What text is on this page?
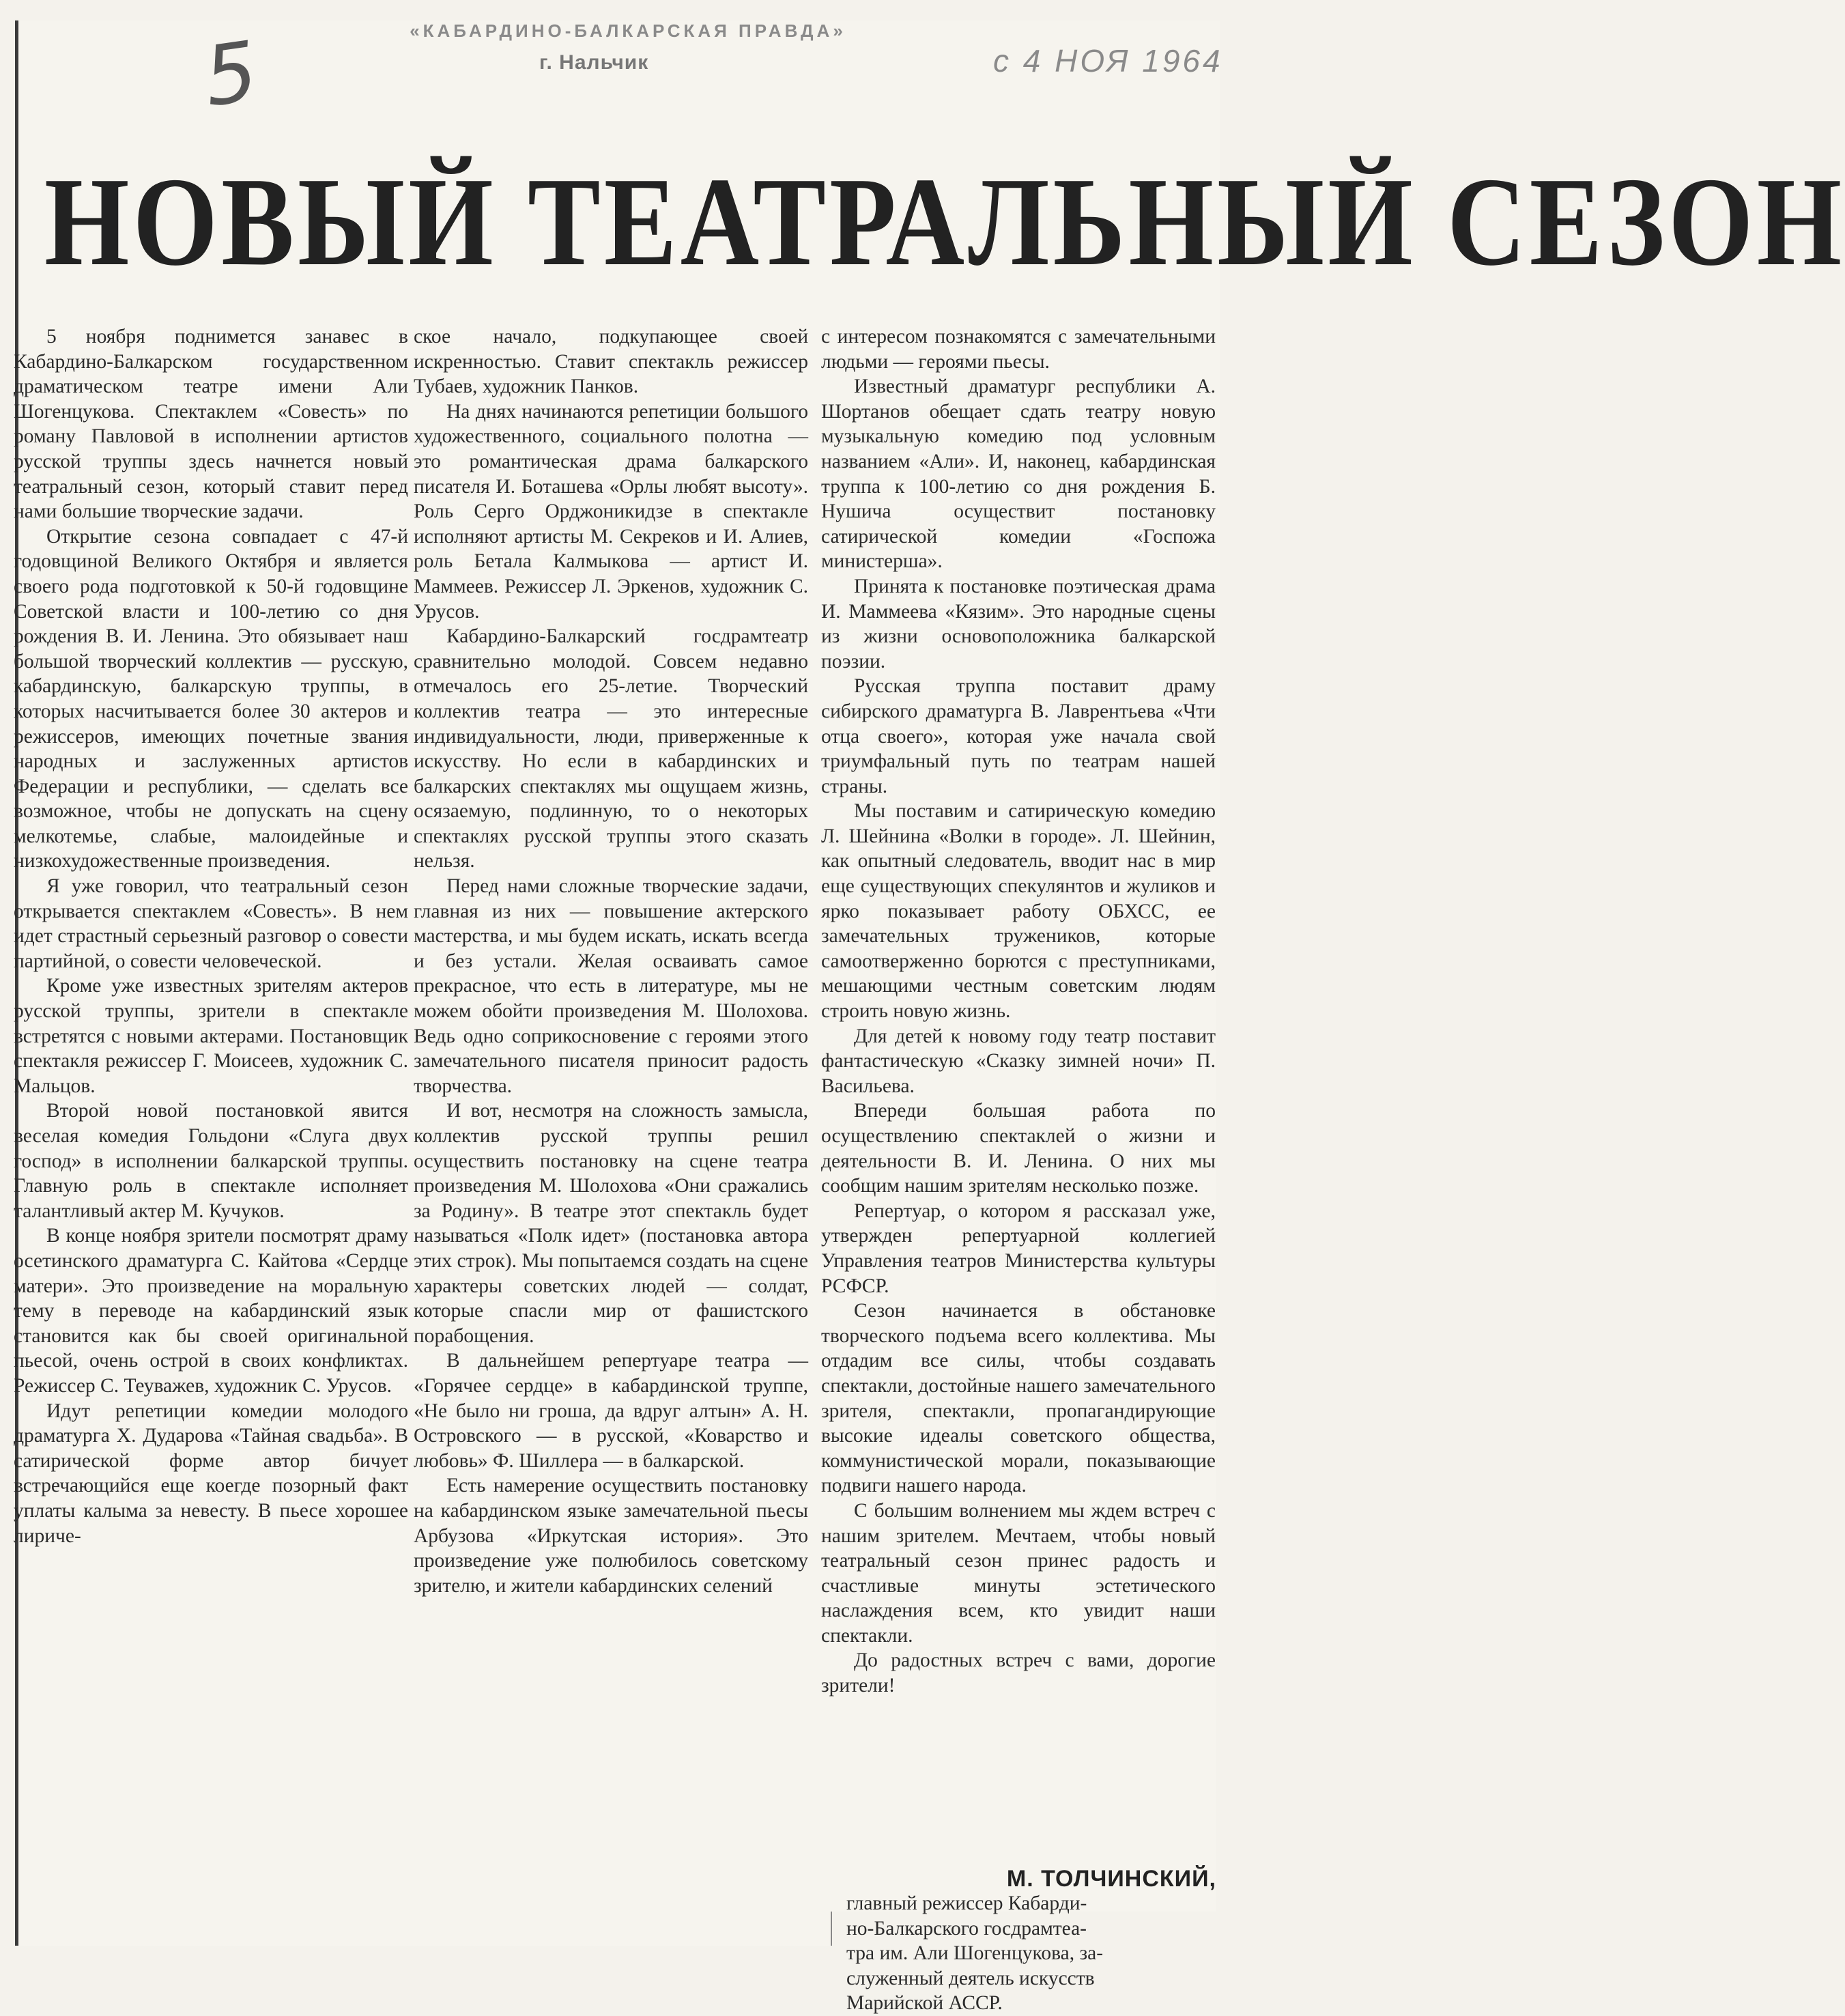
«КАБАРДИНО-БАЛКАРСКАЯ ПРАВДА»
г. Нальчик
5	с 4 НОЯ 1964
НОВЫЙ ТЕАТРАЛЬНЫЙ СЕЗОН

5 ноября поднимется занавес в Кабардино-Балкарском государственном драматическом театре имени Али Шогенцукова. Спектаклем «Совесть» по роману Павловой в исполнении артистов русской труппы здесь начнется новый театральный сезон, который ставит перед нами большие творческие задачи.

Открытие сезона совпадает с 47-й годовщиной Великого Октября и является своего рода подготовкой к 50-й годовщине Советской власти и 100-летию со дня рождения В. И. Ленина. Это обязывает наш большой творческий коллектив — русскую, кабардинскую, балкарскую труппы, в которых насчитывается более 30 актеров и режиссеров, имеющих почетные звания народных и заслуженных артистов Федерации и республики, — сделать все возможное, чтобы не допускать на сцену мелкотемье, слабые, малоидейные и низкохудожественные произведения.

Я уже говорил, что театральный сезон открывается спектаклем «Совесть». В нем идет страстный серьезный разговор о совести партийной, о совести человеческой.

Кроме уже известных зрителям актеров русской труппы, зрители в спектакле встретятся с новыми актерами. Постановщик спектакля режиссер Г. Моисеев, художник С. Мальцов.

Второй новой постановкой явится веселая комедия Гольдони «Слуга двух господ» в исполнении балкарской труппы. Главную роль в спектакле исполняет талантливый актер М. Кучуков.

В конце ноября зрители посмотрят драму осетинского драматурга С. Кайтова «Сердце матери». Это произведение на моральную тему в переводе на кабардинский язык становится как бы своей оригинальной пьесой, очень острой в своих конфликтах. Режиссер С. Теуважев, художник С. Урусов.

Идут репетиции комедии молодого драматурга Х. Дударова «Тайная свадьба». В сатирической форме автор бичует встречающийся еще коегде позорный факт уплаты калыма за невесту. В пьесе хорошее лириче-

ское начало, подкупающее своей искренностью. Ставит спектакль режиссер Тубаев, художник Панков.

На днях начинаются репетиции большого художественного, социального полотна — это романтическая драма балкарского писателя И. Боташева «Орлы любят высоту». Роль Серго Орджоникидзе в спектакле исполняют артисты М. Секреков и И. Алиев, роль Бетала Калмыкова — артист И. Маммеев. Режиссер Л. Эркенов, художник С. Урусов.

Кабардино-Балкарский госдрамтеатр сравнительно молодой. Совсем недавно отмечалось его 25-летие. Творческий коллектив театра — это интересные индивидуальности, люди, приверженные к искусству. Но если в кабардинских и балкарских спектаклях мы ощущаем жизнь, осязаемую, подлинную, то о некоторых спектаклях русской труппы этого сказать нельзя.

Перед нами сложные творческие задачи, главная из них — повышение актерского мастерства, и мы будем искать, искать всегда и без устали. Желая осваивать самое прекрасное, что есть в литературе, мы не можем обойти произведения М. Шолохова. Ведь одно соприкосновение с героями этого замечательного писателя приносит радость творчества.

И вот, несмотря на сложность замысла, коллектив русской труппы решил осуществить постановку на сцене театра произведения М. Шолохова «Они сражались за Родину». В театре этот спектакль будет называться «Полк идет» (постановка автора этих строк). Мы попытаемся создать на сцене характеры советских людей — солдат, которые спасли мир от фашистского порабощения.

В дальнейшем репертуаре театра — «Горячее сердце» в кабардинской труппе, «Не было ни гроша, да вдруг алтын» А. Н. Островского — в русской, «Коварство и любовь» Ф. Шиллера — в балкарской.

Есть намерение осуществить постановку на кабардинском языке замечательной пьесы Арбузова «Иркутская история». Это произведение уже полюбилось советскому зрителю, и жители кабардинских селений

с интересом познакомятся с замечательными людьми — героями пьесы.

Известный драматург республики А. Шортанов обещает сдать театру новую музыкальную комедию под условным названием «Али». И, наконец, кабардинская труппа к 100-летию со дня рождения Б. Нушича осуществит постановку сатирической комедии «Госпожа министерша».

Принята к постановке поэтическая драма И. Маммеева «Кязим». Это народные сцены из жизни основоположника балкарской поэзии.

Русская труппа поставит драму сибирского драматурга В. Лаврентьева «Чти отца своего», которая уже начала свой триумфальный путь по театрам нашей страны.

Мы поставим и сатирическую комедию Л. Шейнина «Волки в городе». Л. Шейнин, как опытный следователь, вводит нас в мир еще существующих спекулянтов и жуликов и ярко показывает работу ОБХСС, ее замечательных тружеников, которые самоотверженно борются с преступниками, мешающими честным советским людям строить новую жизнь.

Для детей к новому году театр поставит фантастическую «Сказку зимней ночи» П. Васильева.

Впереди большая работа по осуществлению спектаклей о жизни и деятельности В. И. Ленина. О них мы сообщим нашим зрителям несколько позже.

Репертуар, о котором я рассказал уже, утвержден репертуарной коллегией Управления театров Министерства культуры РСФСР.

Сезон начинается в обстановке творческого подъема всего коллектива. Мы отдадим все силы, чтобы создавать спектакли, достойные нашего замечательного зрителя, спектакли, пропагандирующие высокие идеалы советского общества, коммунистической морали, показывающие подвиги нашего народа.

С большим волнением мы ждем встреч с нашим зрителем. Мечтаем, чтобы новый театральный сезон принес радость и счастливые минуты эстетического наслаждения всем, кто увидит наши спектакли.

До радостных встреч с вами, дорогие зрители!

М. ТОЛЧИНСКИЙ,

главный режиссер Кабарди-

но-Балкарского госдрамтеа-

тра им. Али Шогенцукова, за-

служенный деятель искусств

Марийской АССР.
